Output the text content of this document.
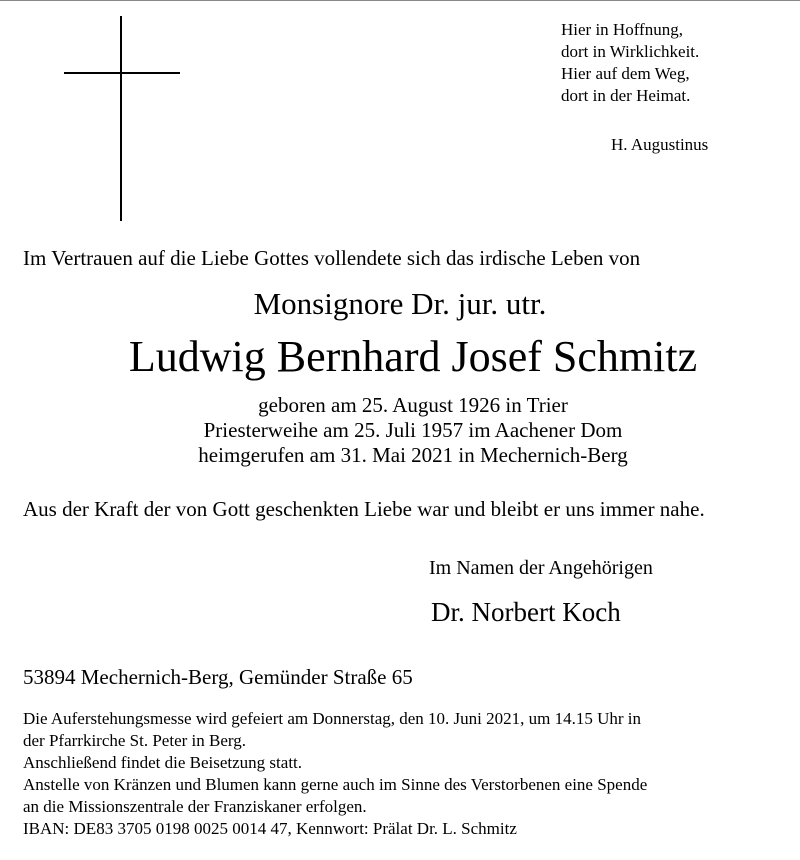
Hier in Hoffnung,
dort in Wirklichkeit.
Hier auf dem Weg,
dort in der Heimat.
H. Augustinus
Im Vertrauen auf die Liebe Gottes vollendete sich das irdische Leben von
Monsignore Dr. jur. utr.
Ludwig Bernhard Josef Schmitz
geboren am 25. August 1926 in Trier
Priesterweihe am 25. Juli 1957 im Aachener Dom
heimgerufen am 31. Mai 2021 in Mechernich-Berg
Aus der Kraft der von Gott geschenkten Liebe war und bleibt er uns immer nahe.
Im Namen der Angehörigen
Dr. Norbert Koch
53894 Mechernich-Berg, Gemünder Straße 65
Die Auferstehungsmesse wird gefeiert am Donnerstag, den 10. Juni 2021, um 14.15 Uhr in
der Pfarrkirche St. Peter in Berg.
Anschließend findet die Beisetzung statt.
Anstelle von Kränzen und Blumen kann gerne auch im Sinne des Verstorbenen eine Spende
an die Missionszentrale der Franziskaner erfolgen.
IBAN: DE83 3705 0198 0025 0014 47, Kennwort: Prälat Dr. L. Schmitz
